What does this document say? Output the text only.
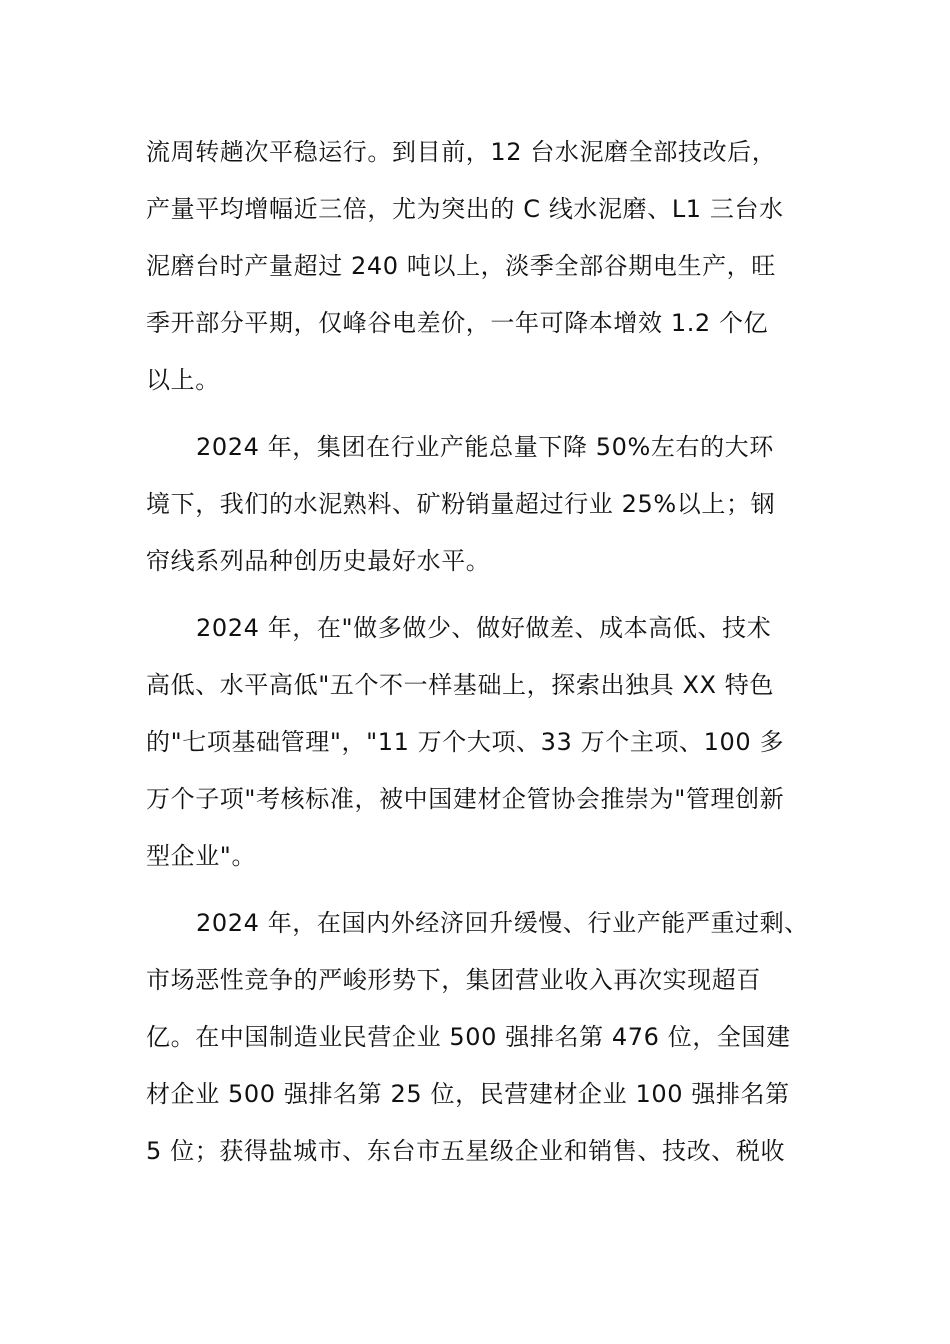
流周转趟次平稳运行。到目前，12 台水泥磨全部技改后，
产量平均增幅近三倍，尤为突出的 C 线水泥磨、L1 三台水
泥磨台时产量超过 240 吨以上，淡季全部谷期电生产，旺
季开部分平期，仅峰谷电差价，一年可降本增效 1.2 个亿
以上。
2024 年，集团在行业产能总量下降 50%左右的大环
境下，我们的水泥熟料、矿粉销量超过行业 25%以上；钢
帘线系列品种创历史最好水平。
2024 年，在"做多做少、做好做差、成本高低、技术
高低、水平高低"五个不一样基础上，探索出独具 XX 特色
的"七项基础管理"，"11 万个大项、33 万个主项、100 多
万个子项"考核标准，被中国建材企管协会推崇为"管理创新
型企业"。
2024 年，在国内外经济回升缓慢、行业产能严重过剩、
市场恶性竞争的严峻形势下，集团营业收入再次实现超百
亿。在中国制造业民营企业 500 强排名第 476 位，全国建
材企业 500 强排名第 25 位，民营建材企业 100 强排名第
5 位；获得盐城市、东台市五星级企业和销售、技改、税收
